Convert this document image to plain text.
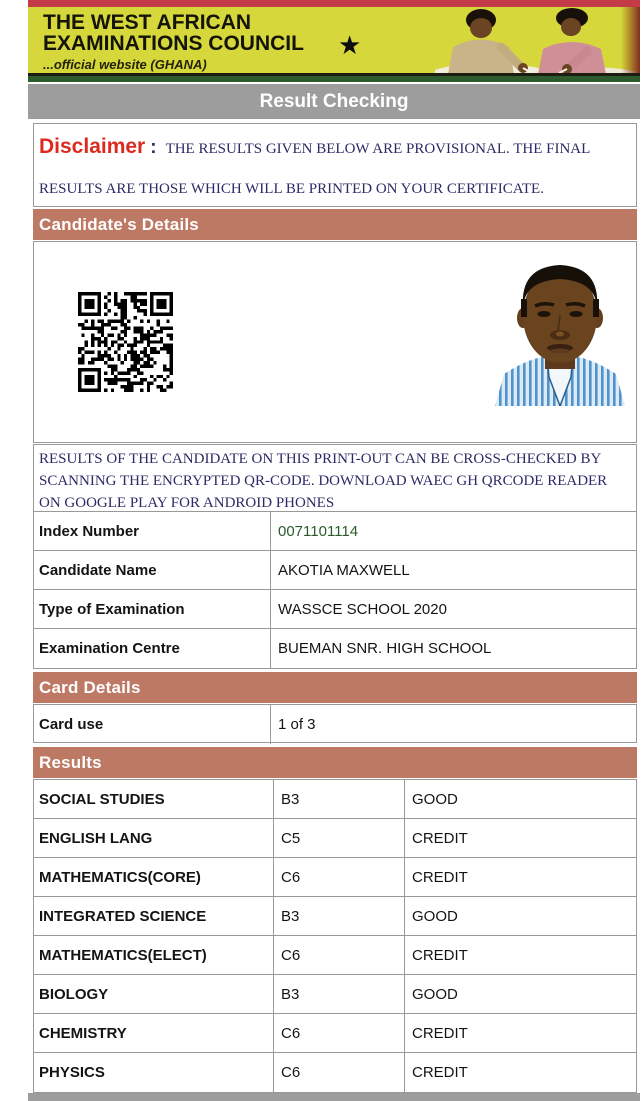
THE WEST AFRICAN
EXAMINATIONS COUNCIL
...official website (GHANA)
★
Result Checking
Disclaimer : THE RESULTS GIVEN BELOW ARE PROVISIONAL. THE FINAL
RESULTS ARE THOSE WHICH WILL BE PRINTED ON YOUR CERTIFICATE.
Candidate's Details
RESULTS OF THE CANDIDATE ON THIS PRINT-OUT CAN BE CROSS-CHECKED BY
SCANNING THE ENCRYPTED QR-CODE. DOWNLOAD WAEC GH QRCODE READER
ON GOOGLE PLAY FOR ANDROID PHONES
Index Number	0071101114
Candidate Name	AKOTIA MAXWELL
Type of Examination	WASSCE SCHOOL 2020
Examination Centre	BUEMAN SNR. HIGH SCHOOL
Card Details
Card use	1 of 3
Results
SOCIAL STUDIES	B3	GOOD
ENGLISH LANG	C5	CREDIT
MATHEMATICS(CORE)	C6	CREDIT
INTEGRATED SCIENCE	B3	GOOD
MATHEMATICS(ELECT)	C6	CREDIT
BIOLOGY	B3	GOOD
CHEMISTRY	C6	CREDIT
PHYSICS	C6	CREDIT
